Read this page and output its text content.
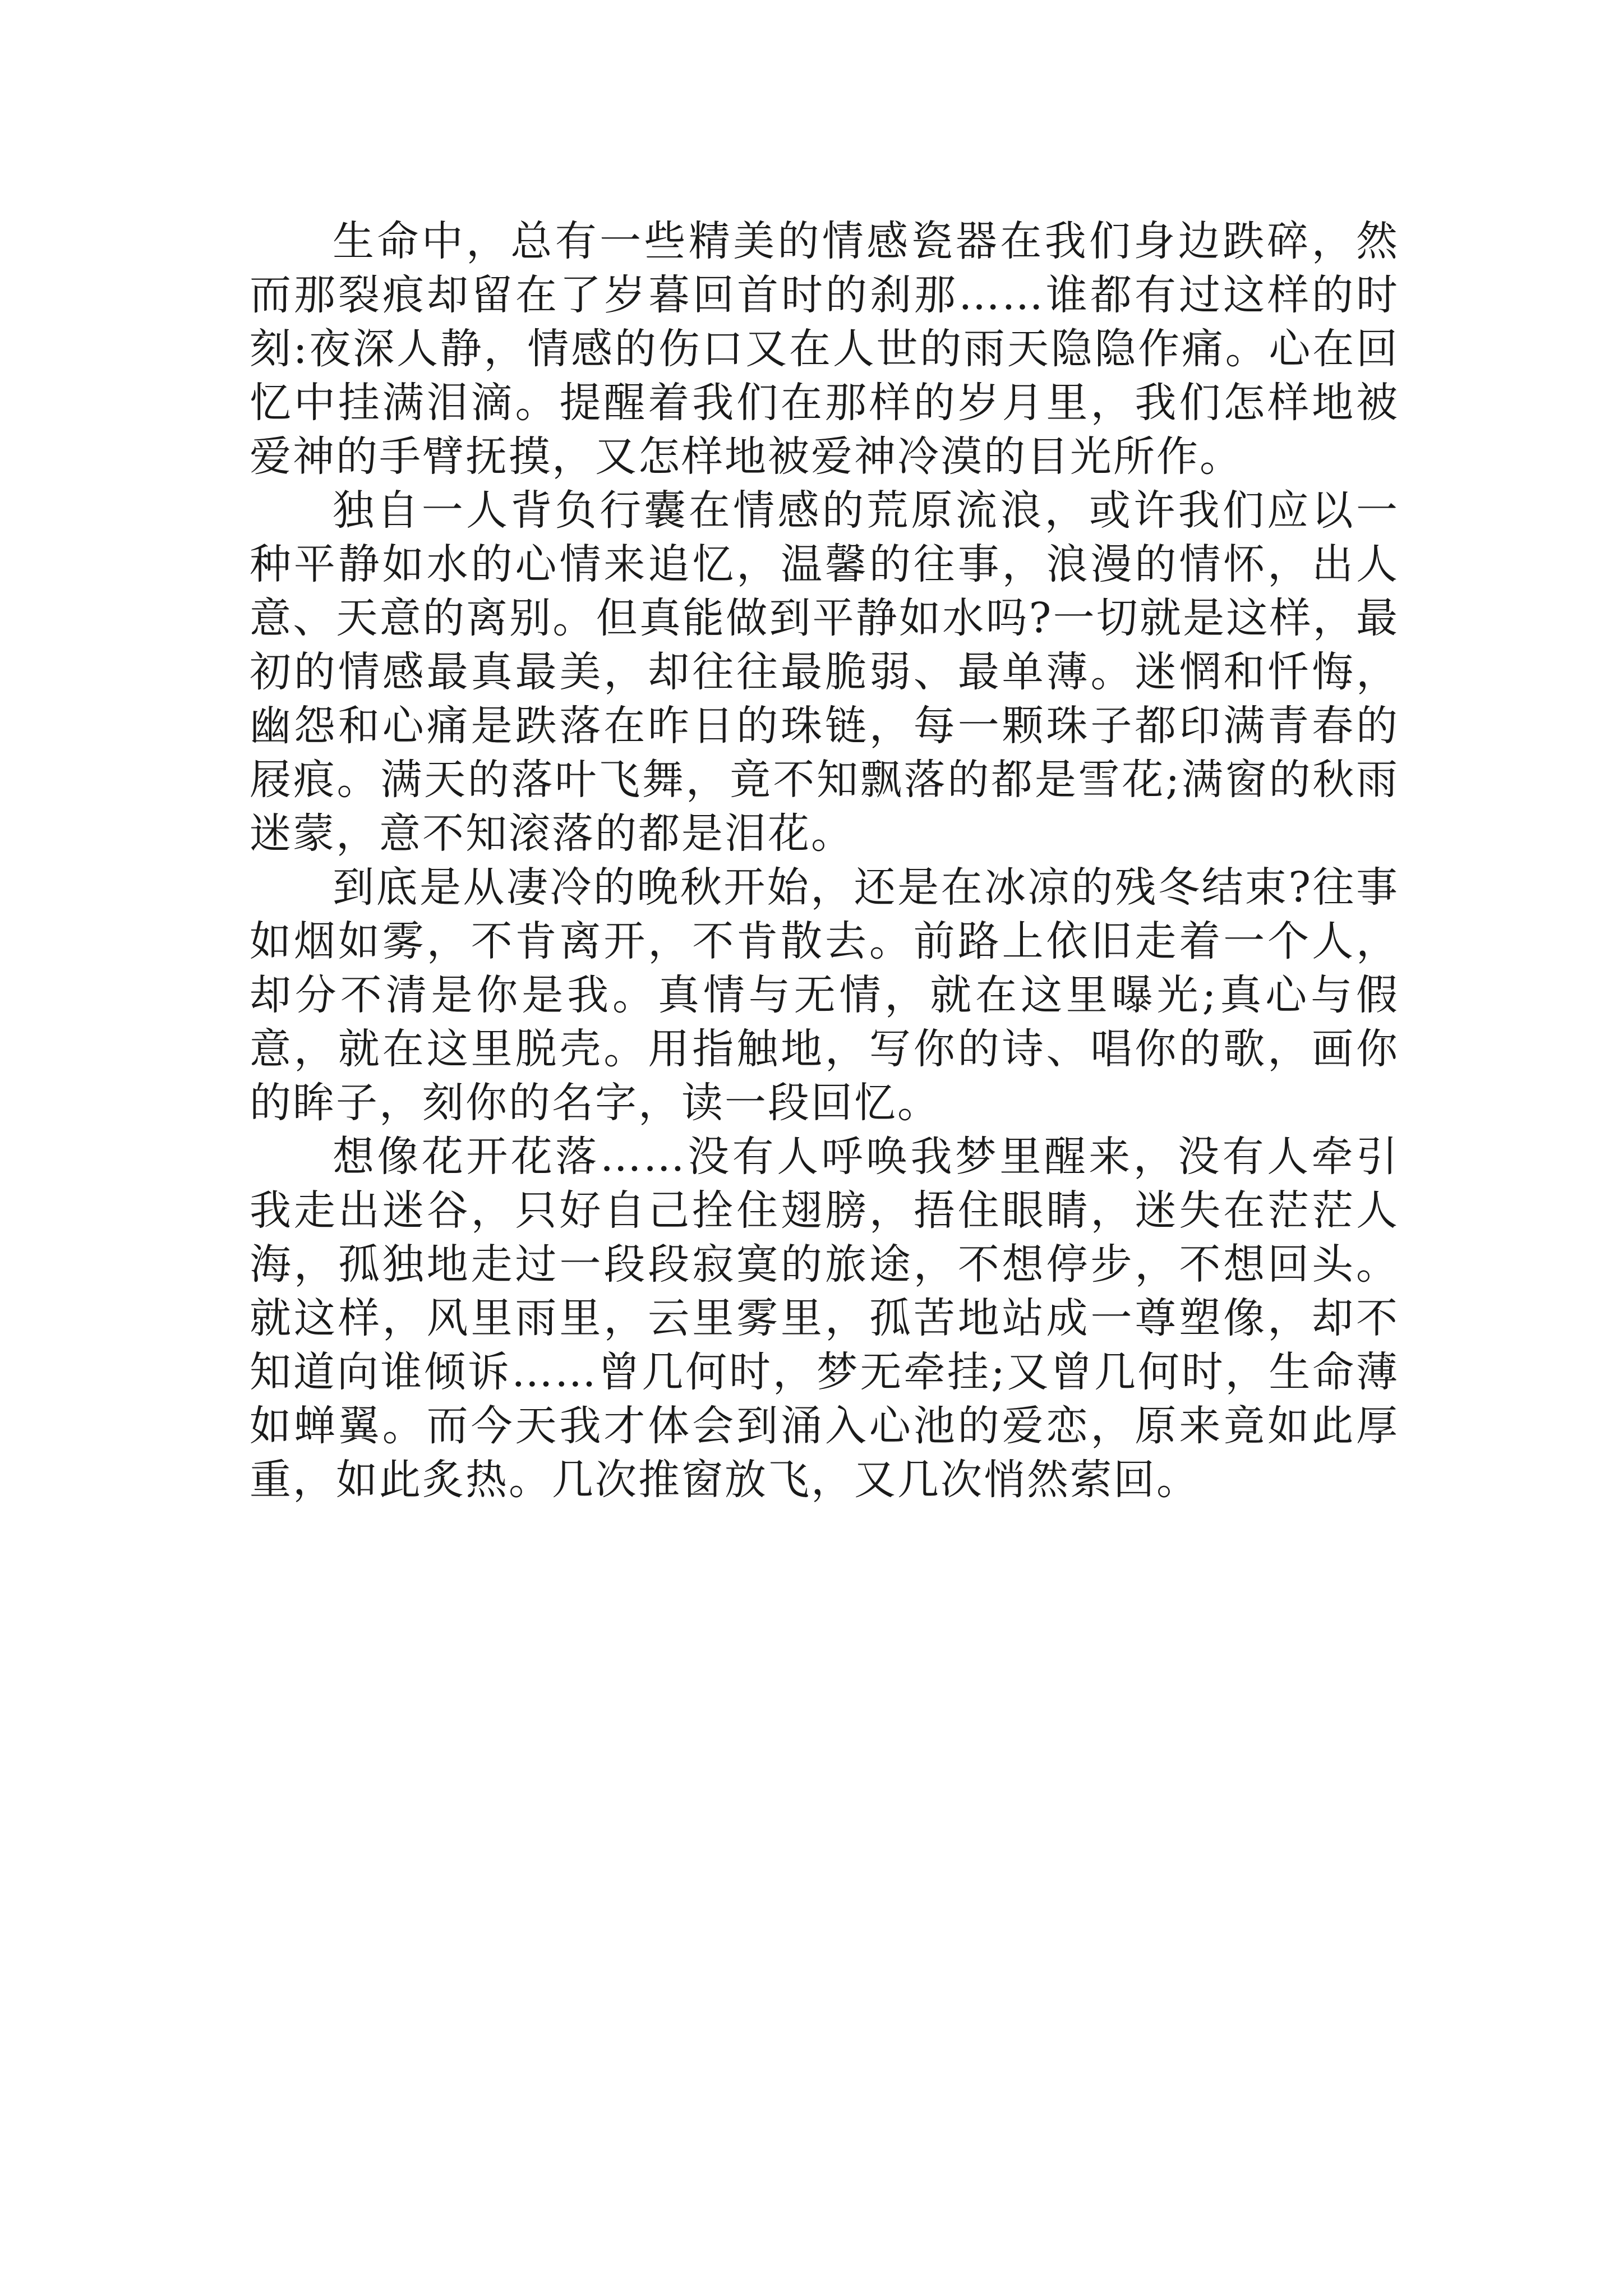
生命中，总有一些精美的情感瓷器在我们身边跌碎，然而那裂痕却留在了岁暮回首时的刹那……谁都有过这样的时刻:夜深人静，情感的伤口又在人世的雨天隐隐作痛。心在回忆中挂满泪滴。提醒着我们在那样的岁月里，我们怎样地被爱神的手臂抚摸，又怎样地被爱神冷漠的目光所作。

独自一人背负行囊在情感的荒原流浪，或许我们应以一种平静如水的心情来追忆，温馨的往事，浪漫的情怀，出人意、天意的离别。但真能做到平静如水吗?一切就是这样，最初的情感最真最美，却往往最脆弱、最单薄。迷惘和忏悔，幽怨和心痛是跌落在昨日的珠链，每一颗珠子都印满青春的屐痕。满天的落叶飞舞，竟不知飘落的都是雪花;满窗的秋雨迷蒙，意不知滚落的都是泪花。

到底是从凄冷的晚秋开始，还是在冰凉的残冬结束?往事如烟如雾，不肯离开，不肯散去。前路上依旧走着一个人，却分不清是你是我。真情与无情，就在这里曝光;真心与假意，就在这里脱壳。用指触地，写你的诗、唱你的歌，画你的眸子，刻你的名字，读一段回忆。

想像花开花落……没有人呼唤我梦里醒来，没有人牵引我走出迷谷，只好自己拴住翅膀，捂住眼睛，迷失在茫茫人海，孤独地走过一段段寂寞的旅途，不想停步，不想回头。就这样，风里雨里，云里雾里，孤苦地站成一尊塑像，却不知道向谁倾诉……曾几何时，梦无牵挂;又曾几何时，生命薄如蝉翼。而今天我才体会到涌入心池的爱恋，原来竟如此厚重，如此炙热。几次推窗放飞，又几次悄然萦回。
